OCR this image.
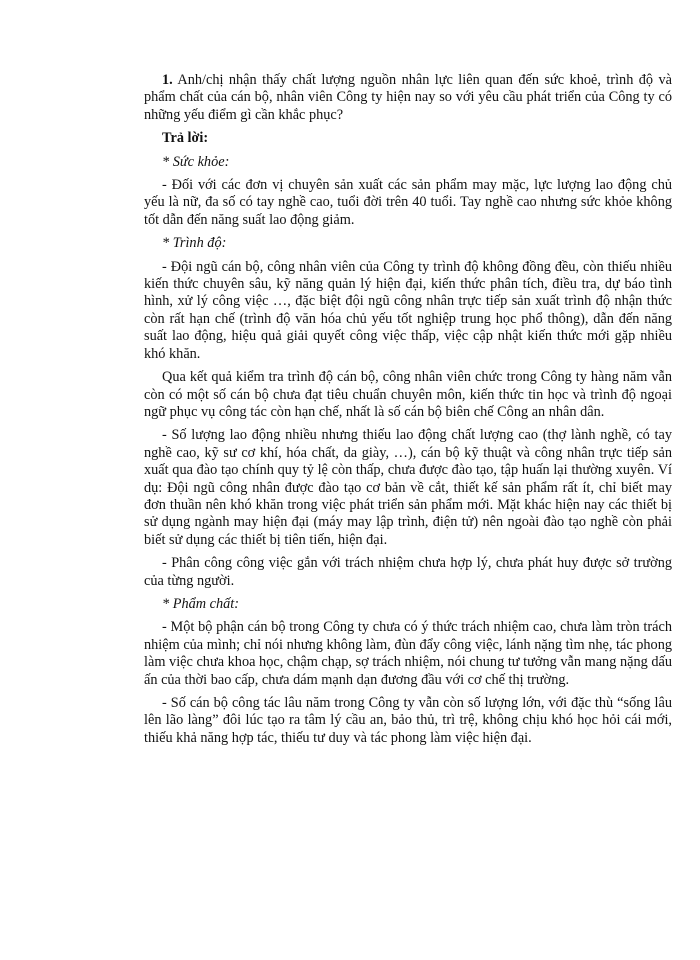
1. Anh/chị nhận thấy chất lượng nguồn nhân lực liên quan đến sức khoẻ, trình độ và phẩm chất của cán bộ, nhân viên Công ty hiện nay so với yêu cầu phát triển của Công ty có những yếu điểm gì cần khắc phục?

Trả lời:

* Sức khỏe:

- Đối với các đơn vị chuyên sản xuất các sản phẩm may mặc, lực lượng lao động chủ yếu là nữ, đa số có tay nghề cao, tuổi đời trên 40 tuổi. Tay nghề cao nhưng sức khỏe không tốt dẫn đến năng suất lao động giảm.

* Trình độ:

- Đội ngũ cán bộ, công nhân viên của Công ty trình độ không đồng đều, còn thiếu nhiều kiến thức chuyên sâu, kỹ năng quản lý hiện đại, kiến thức phân tích, điều tra, dự báo tình hình, xử lý công việc …, đặc biệt đội ngũ công nhân trực tiếp sản xuất trình độ nhận thức còn rất hạn chế (trình độ văn hóa chủ yếu tốt nghiệp trung học phổ thông), dẫn đến năng suất lao động, hiệu quả giải quyết công việc thấp, việc cập nhật kiến thức mới gặp nhiều khó khăn.

Qua kết quả kiểm tra trình độ cán bộ, công nhân viên chức trong Công ty hàng năm vẫn còn có một số cán bộ chưa đạt tiêu chuẩn chuyên môn, kiến thức tin học và trình độ ngoại ngữ phục vụ công tác còn hạn chế, nhất là số cán bộ biên chế Công an nhân dân.

- Số lượng lao động nhiều nhưng thiếu lao động chất lượng cao (thợ lành nghề, có tay nghề cao, kỹ sư cơ khí, hóa chất, da giày, …), cán bộ kỹ thuật và công nhân trực tiếp sản xuất qua đào tạo chính quy tỷ lệ còn thấp, chưa được đào tạo, tập huấn lại thường xuyên. Ví dụ: Đội ngũ công nhân được đào tạo cơ bản về cắt, thiết kế sản phẩm rất ít, chỉ biết may đơn thuần nên khó khăn trong việc phát triển sản phẩm mới. Mặt khác hiện nay các thiết bị sử dụng ngành may hiện đại (máy may lập trình, điện tử) nên ngoài đào tạo nghề còn phải biết sử dụng các thiết bị tiên tiến, hiện đại.

- Phân công công việc gắn với trách nhiệm chưa hợp lý, chưa phát huy được sở trường của từng người.

* Phẩm chất:

- Một bộ phận cán bộ trong Công ty chưa có ý thức trách nhiệm cao, chưa làm tròn trách nhiệm của mình; chỉ nói nhưng không làm, đùn đẩy công việc, lánh nặng tìm nhẹ, tác phong làm việc chưa khoa học, chậm chạp, sợ trách nhiệm, nói chung tư tưởng vẫn mang nặng dấu ấn của thời bao cấp, chưa dám mạnh dạn đương đầu với cơ chế thị trường.

- Số cán bộ công tác lâu năm trong Công ty vẫn còn số lượng lớn, với đặc thù “sống lâu lên lão làng” đôi lúc tạo ra tâm lý cầu an, bảo thủ, trì trệ, không chịu khó học hỏi cái mới, thiếu khả năng hợp tác, thiếu tư duy và tác phong làm việc hiện đại.
